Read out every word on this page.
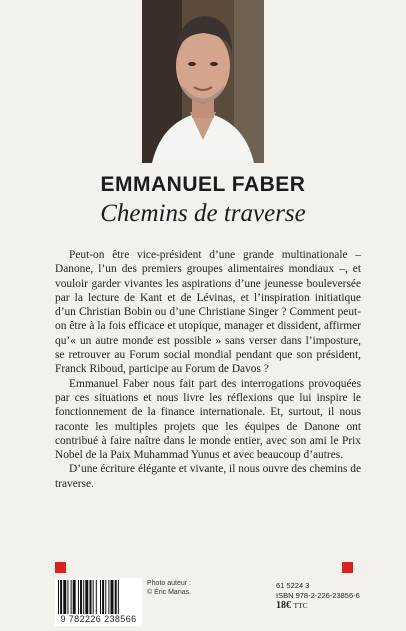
EMMANUEL FABER
Chemins de traverse

Peut-on être vice-président d’une grande multinationale – Danone, l’un des premiers groupes alimentaires mondiaux –, et vouloir garder vivantes les aspirations d’une jeunesse bouleversée par la lecture de Kant et de Lévinas, et l’inspiration initiatique d’un Christian Bobin ou d’une Christiane Singer ? Comment peut-on être à la fois efficace et utopique, manager et dissident, affirmer qu’« un autre monde est possible » sans verser dans l’imposture, se retrouver au Forum social mondial pendant que son président, Franck Riboud, participe au Forum de Davos ?

Emmanuel Faber nous fait part des interrogations provoquées par ces situations et nous livre les réflexions que lui inspire le fonctionnement de la finance internationale. Et, surtout, il nous raconte les multiples projets que les équipes de Danone ont contribué à faire naître dans le monde entier, avec son ami le Prix Nobel de la Paix Muhammad Yunus et avec beaucoup d’autres.

D’une écriture élégante et vivante, il nous ouvre des chemins de traverse.

9 782226 238566
Photo auteur :
© Éric Manas.
61 5224 3
ISBN 978-2-226-23856-6
18€ TTC
